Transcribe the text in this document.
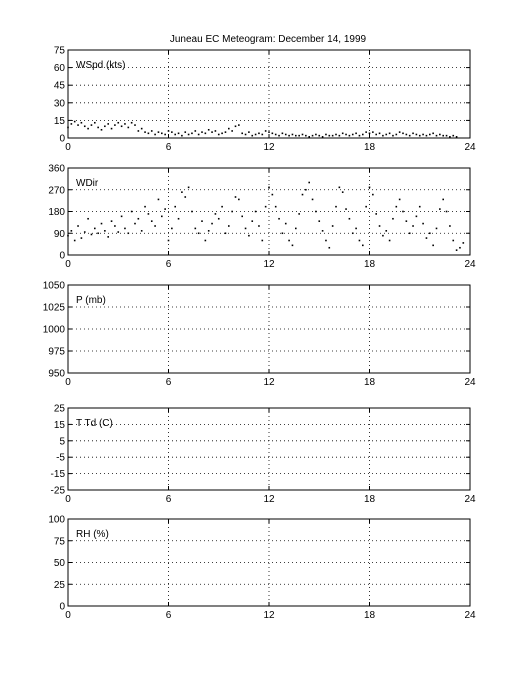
Juneau EC Meteogram: December 14, 1999
0	6	12	18	24
0
15
30
45
60
75
WSpd (kts)
0	6	12	18	24
0
90
180
270
360
WDir
0	6	12	18	24
950
975
1000
1025
1050
P (mb)
0	6	12	18	24
-25
-15
-5
5
15
25
T Td (C)
0	6	12	18	24
0
25
50
75
100
RH (%)
